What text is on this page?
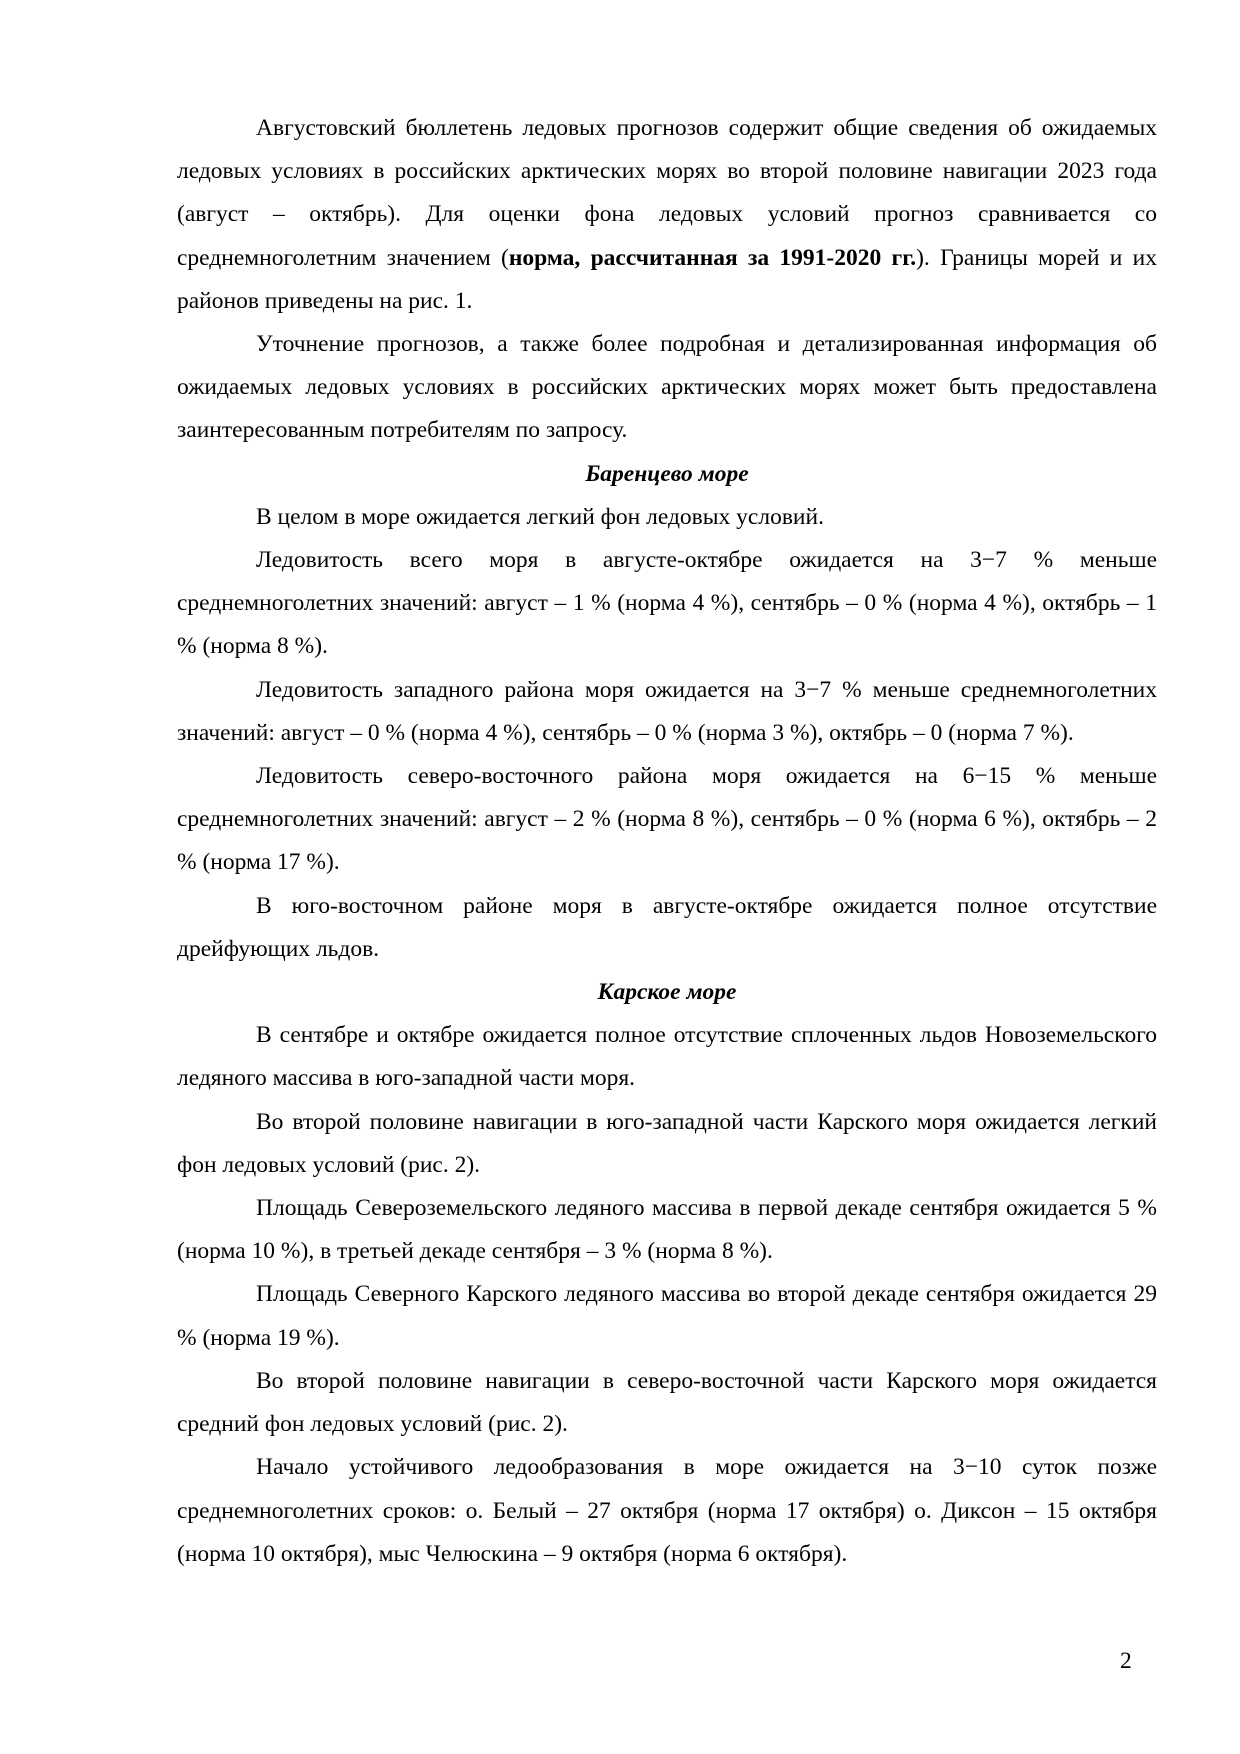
Августовский бюллетень ледовых прогнозов содержит общие сведения об ожидаемых ледовых условиях в российских арктических морях во второй половине навигации 2023 года (август – октябрь). Для оценки фона ледовых условий прогноз сравнивается со среднемноголетним значением (норма, рассчитанная за 1991-2020 гг.). Границы морей и их районов приведены на рис. 1.

Уточнение прогнозов, а также более подробная и детализированная информация об ожидаемых ледовых условиях в российских арктических морях может быть предоставлена заинтересованным потребителям по запросу.

Баренцево море

В целом в море ожидается легкий фон ледовых условий.

Ледовитость всего моря в августе-октябре ожидается на 3−7 % меньше среднемноголетних значений: август – 1 % (норма 4 %), сентябрь – 0 % (норма 4 %), октябрь – 1 % (норма 8 %).

Ледовитость западного района моря ожидается на 3−7 % меньше среднемноголетних значений: август – 0 % (норма 4 %), сентябрь – 0 % (норма 3 %), октябрь – 0 (норма 7 %).

Ледовитость северо-восточного района моря ожидается на 6−15 % меньше среднемноголетних значений: август – 2 % (норма 8 %), сентябрь – 0 % (норма 6 %), октябрь – 2 % (норма 17 %).

В юго-восточном районе моря в августе-октябре ожидается полное отсутствие дрейфующих льдов.

Карское море

В сентябре и октябре ожидается полное отсутствие сплоченных льдов Новоземельского ледяного массива в юго-западной части моря.

Во второй половине навигации в юго-западной части Карского моря ожидается легкий фон ледовых условий (рис. 2).

Площадь Североземельского ледяного массива в первой декаде сентября ожидается 5 % (норма 10 %), в третьей декаде сентября – 3 % (норма 8 %).

Площадь Северного Карского ледяного массива во второй декаде сентября ожидается 29 % (норма 19 %).

Во второй половине навигации в северо-восточной части Карского моря ожидается средний фон ледовых условий (рис. 2).

Начало устойчивого ледообразования в море ожидается на 3−10 суток позже среднемноголетних сроков: о. Белый – 27 октября (норма 17 октября) о. Диксон – 15 октября (норма 10 октября), мыс Челюскина – 9 октября (норма 6 октября).

2
